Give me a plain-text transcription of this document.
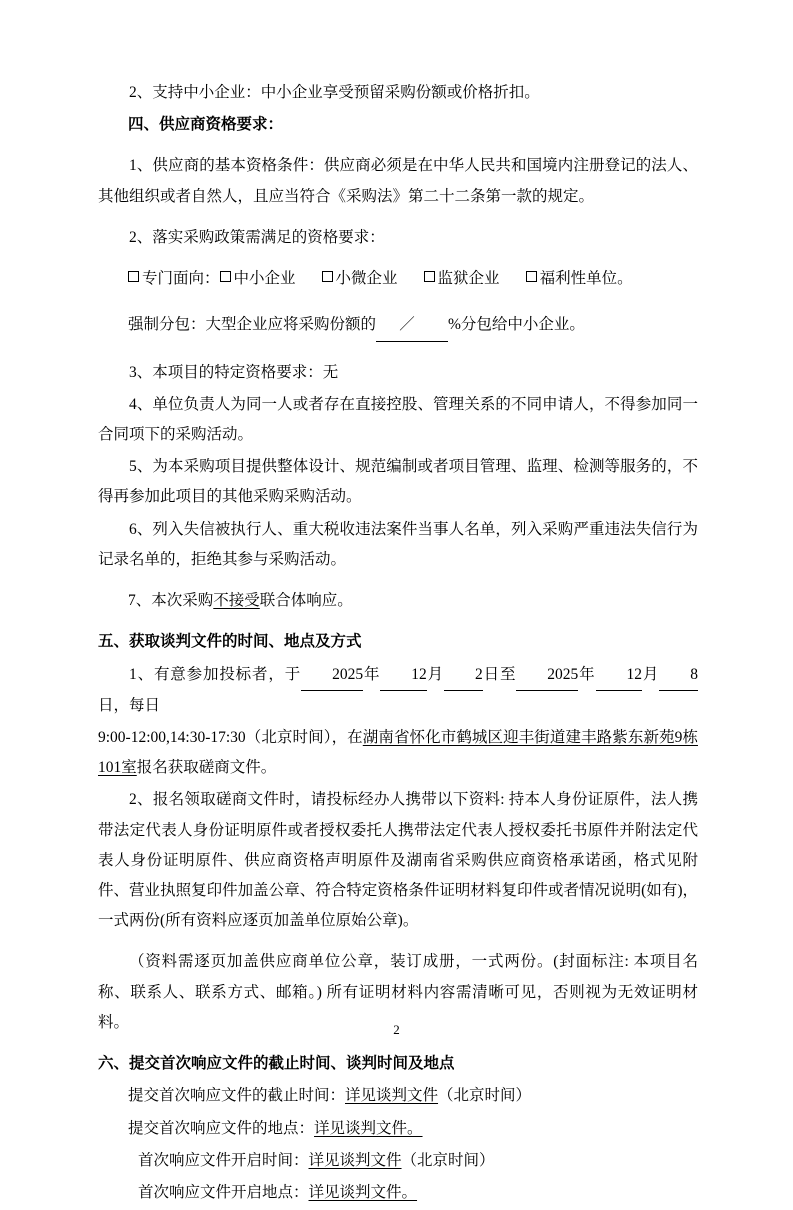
2、支持中小企业：中小企业享受预留采购份额或价格折扣。

四、供应商资格要求：

1、供应商的基本资格条件：供应商必须是在中华人民共和国境内注册登记的法人、其他组织或者自然人，且应当符合《采购法》第二十二条第一款的规定。

2、落实采购政策需满足的资格要求：

专门面向： 中小企业	小微企业	监狱企业	福利性单位。

强制分包：大型企业应将采购份额的 ／ %分包给中小企业。

3、本项目的特定资格要求：无

4、单位负责人为同一人或者存在直接控股、管理关系的不同申请人，不得参加同一合同项下的采购活动。

5、为本采购项目提供整体设计、规范编制或者项目管理、监理、检测等服务的，不得再参加此项目的其他采购采购活动。

6、列入失信被执行人、重大税收违法案件当事人名单，列入采购严重违法失信行为记录名单的，拒绝其参与采购活动。

7、本次采购不接受联合体响应。

五、获取谈判文件的时间、地点及方式

1、有意参加投标者，于 2025年 12月 2日至 2025年 12月 8日，每日

9:00-12:00,14:30-17:30（北京时间），在湖南省怀化市鹤城区迎丰街道建丰路紫东新苑9栋101室报名获取磋商文件。

2、报名领取磋商文件时，请投标经办人携带以下资料: 持本人身份证原件，法人携带法定代表人身份证明原件或者授权委托人携带法定代表人授权委托书原件并附法定代表人身份证明原件、供应商资格声明原件及湖南省采购供应商资格承诺函，格式见附件、营业执照复印件加盖公章、符合特定资格条件证明材料复印件或者情况说明(如有)，一式两份(所有资料应逐页加盖单位原始公章)。

（资料需逐页加盖供应商单位公章，装订成册，一式两份。(封面标注: 本项目名称、联系人、联系方式、邮箱。) 所有证明材料内容需清晰可见，否则视为无效证明材料。

六、提交首次响应文件的截止时间、谈判时间及地点

提交首次响应文件的截止时间：详见谈判文件（北京时间）

提交首次响应文件的地点：详见谈判文件。

首次响应文件开启时间：详见谈判文件（北京时间）

首次响应文件开启地点：详见谈判文件。

2
